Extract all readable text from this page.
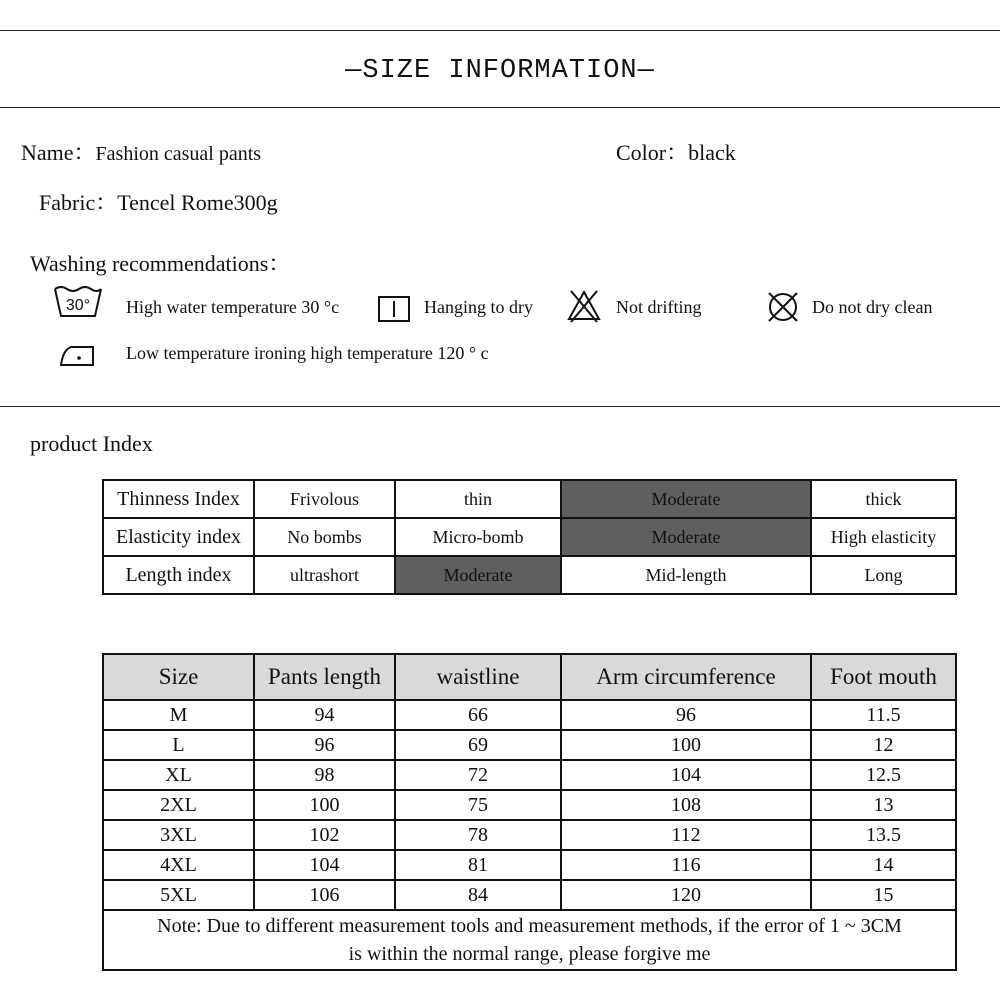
—SIZE INFORMATION—
Name：Fashion casual pants	Color：black
Fabric：Tencel Rome300g
Washing recommendations：
30° High water temperature 30 °c	Hanging to dry	Not drifting	Do not dry clean
Low temperature ironing high temperature 120 ° c
product Index
Thinness Index	Frivolous	thin	Moderate	thick
Elasticity index	No bombs	Micro-bomb	Moderate	High elasticity
Length index	ultrashort	Moderate	Mid-length	Long
Size	Pants length	waistline	Arm circumference	Foot mouth
M	94	66	96	11.5
L	96	69	100	12
XL	98	72	104	12.5
2XL	100	75	108	13
3XL	102	78	112	13.5
4XL	104	81	116	14
5XL	106	84	120	15

Note: Due to different measurement tools and measurement methods, if the error of 1 ~ 3CM
is within the normal range, please forgive me				
